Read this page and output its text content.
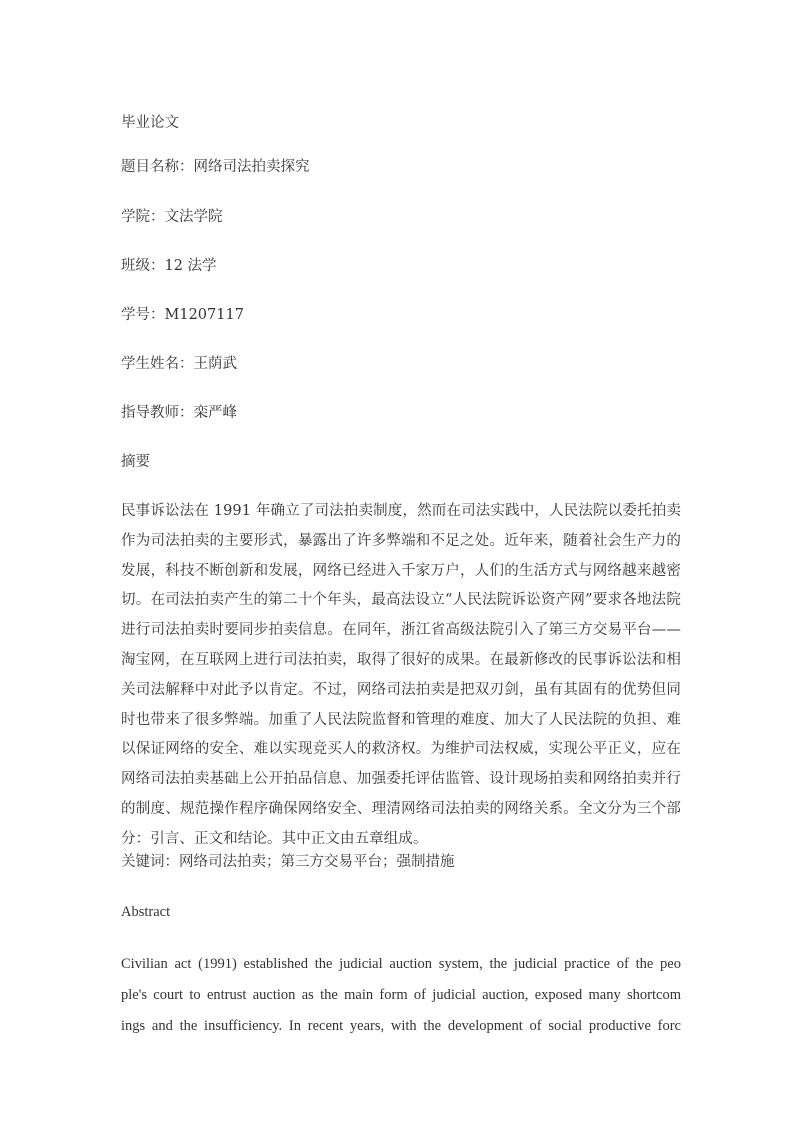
毕业论文
题目名称：网络司法拍卖探究
学院：文法学院
班级：12 法学
学号：M1207117
学生姓名：王荫武
指导教师：栾严峰
摘要
民事诉讼法在 1991 年确立了司法拍卖制度，然而在司法实践中，人民法院以委托拍卖作为司法拍卖的主要形式，暴露出了许多弊端和不足之处。近年来，随着社会生产力的发展，科技不断创新和发展，网络已经进入千家万户，人们的生活方式与网络越来越密切。在司法拍卖产生的第二十个年头，最高法设立“人民法院诉讼资产网”要求各地法院进行司法拍卖时要同步拍卖信息。在同年，浙江省高级法院引入了第三方交易平台——淘宝网，在互联网上进行司法拍卖，取得了很好的成果。在最新修改的民事诉讼法和相关司法解释中对此予以肯定。不过，网络司法拍卖是把双刃剑，虽有其固有的优势但同时也带来了很多弊端。加重了人民法院监督和管理的难度、加大了人民法院的负担、难以保证网络的安全、难以实现竞买人的救济权。为维护司法权威，实现公平正义，应在网络司法拍卖基础上公开拍品信息、加强委托评估监管、设计现场拍卖和网络拍卖并行的制度、规范操作程序确保网络安全、理清网络司法拍卖的网络关系。全文分为三个部分：引言、正文和结论。其中正文由五章组成。
关键词：网络司法拍卖；第三方交易平台；强制措施
Abstract
Civilian act (1991) established the judicial auction system, the judicial practice of the peo
ple's court to entrust auction as the main form of judicial auction, exposed many shortcom
ings and the insufficiency. In recent years, with the development of social productive forc
